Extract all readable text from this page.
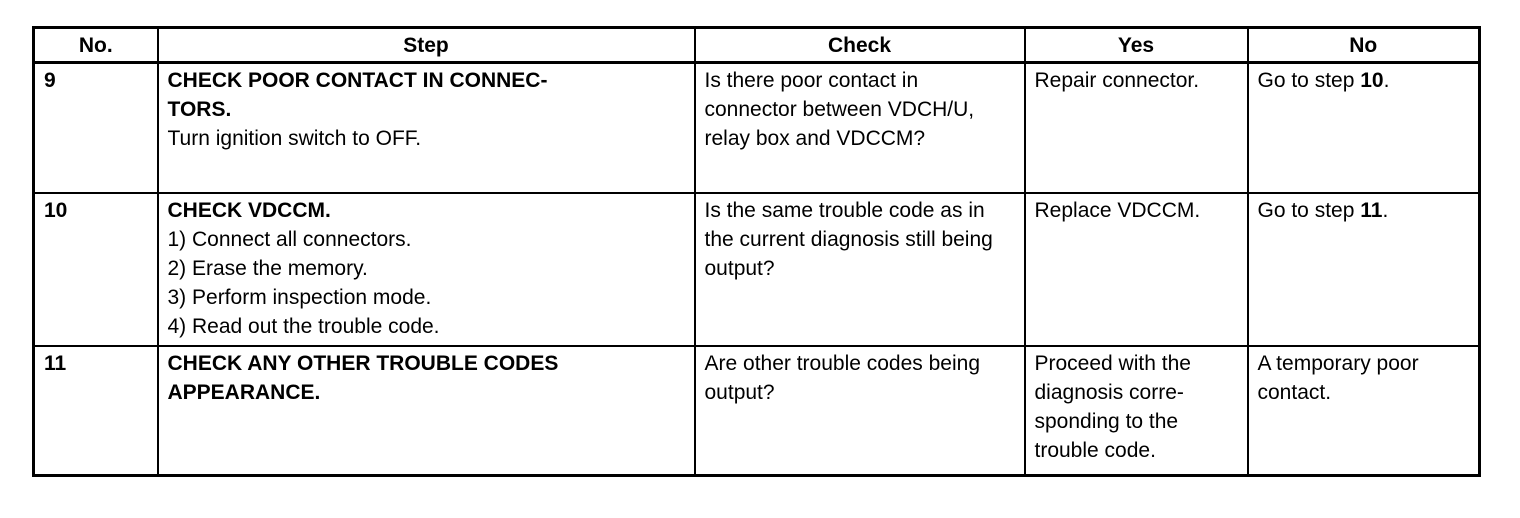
No.	Step	Check	Yes	No
9	CHECK POOR CONTACT IN CONNEC-
TORS.
Turn ignition switch to OFF.	Is there poor contact in connector between VDCH/U, relay box and VDCCM?	Repair connector.	Go to step 10.
10	CHECK VDCCM.
1) Connect all connectors.
2) Erase the memory.
3) Perform inspection mode.
4) Read out the trouble code.	Is the same trouble code as in the current diagnosis still being output?	Replace VDCCM.	Go to step 11.
11	CHECK ANY OTHER TROUBLE CODES
APPEARANCE.	Are other trouble codes being output?	Proceed with the diagnosis corre-sponding to the trouble code.	A temporary poor contact.
